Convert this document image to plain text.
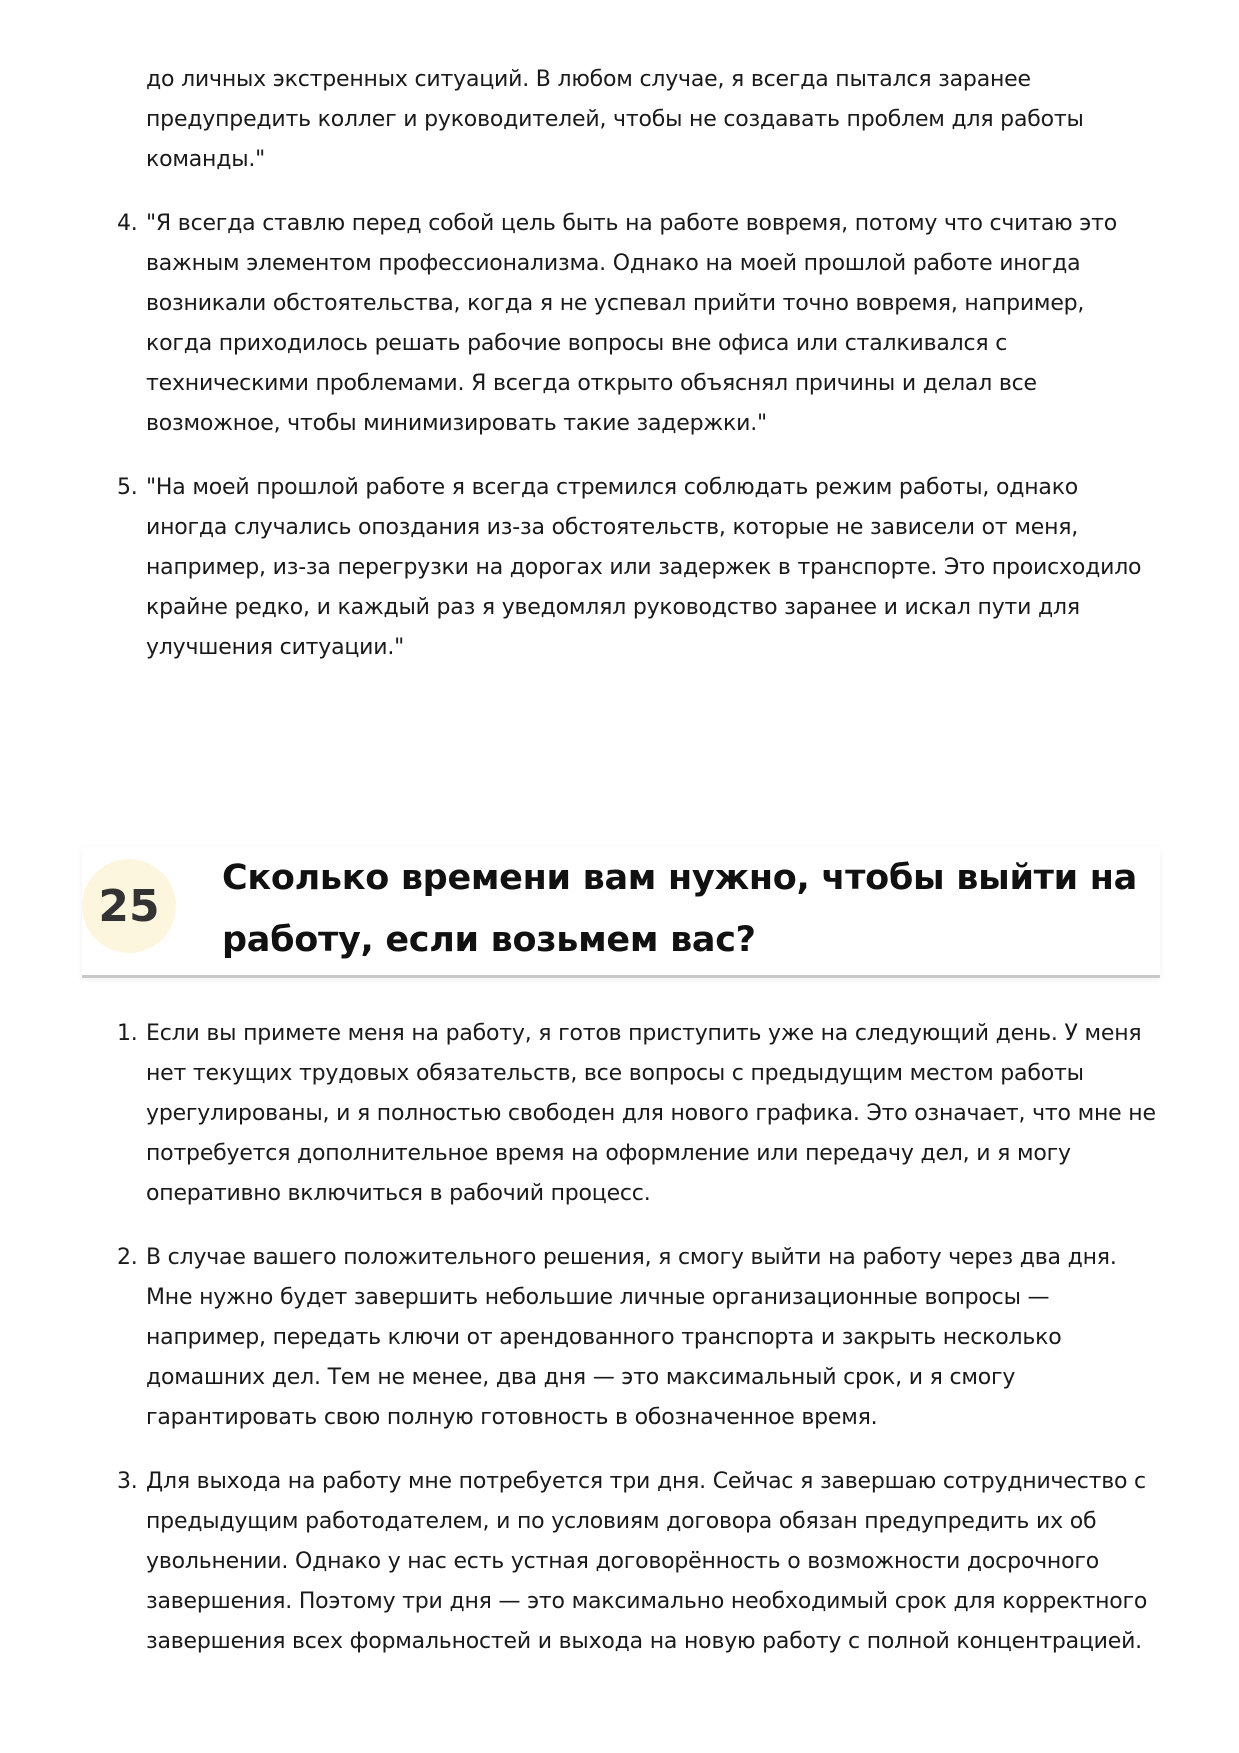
до личных экстренных ситуаций. В любом случае, я всегда пытался заранее предупредить коллег и руководителей, чтобы не создавать проблем для работы команды."

4. "Я всегда ставлю перед собой цель быть на работе вовремя, потому что считаю это важным элементом профессионализма. Однако на моей прошлой работе иногда возникали обстоятельства, когда я не успевал прийти точно вовремя, например, когда приходилось решать рабочие вопросы вне офиса или сталкивался с техническими проблемами. Я всегда открыто объяснял причины и делал все возможное, чтобы минимизировать такие задержки."
5. "На моей прошлой работе я всегда стремился соблюдать режим работы, однако иногда случались опоздания из-за обстоятельств, которые не зависели от меня, например, из-за перегрузки на дорогах или задержек в транспорте. Это происходило крайне редко, и каждый раз я уведомлял руководство заранее и искал пути для улучшения ситуации."
25
Сколько времени вам нужно, чтобы выйти на работу, если возьмем вас?
1. Если вы примете меня на работу, я готов приступить уже на следующий день. У меня нет текущих трудовых обязательств, все вопросы с предыдущим местом работы урегулированы, и я полностью свободен для нового графика. Это означает, что мне не потребуется дополнительное время на оформление или передачу дел, и я могу оперативно включиться в рабочий процесс.
2. В случае вашего положительного решения, я смогу выйти на работу через два дня. Мне нужно будет завершить небольшие личные организационные вопросы — например, передать ключи от арендованного транспорта и закрыть несколько домашних дел. Тем не менее, два дня — это максимальный срок, и я смогу гарантировать свою полную готовность в обозначенное время.
3. Для выхода на работу мне потребуется три дня. Сейчас я завершаю сотрудничество с предыдущим работодателем, и по условиям договора обязан предупредить их об увольнении. Однако у нас есть устная договорённость о возможности досрочного завершения. Поэтому три дня — это максимально необходимый срок для корректного завершения всех формальностей и выхода на новую работу с полной концентрацией.
